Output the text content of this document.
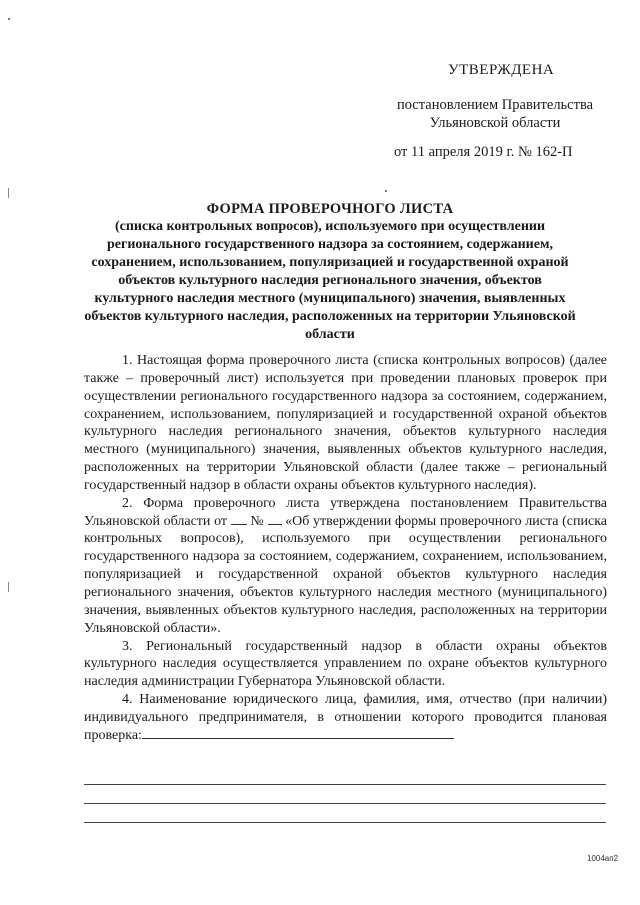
УТВЕРЖДЕНА
постановлением Правительства
Ульяновской области
от 11 апреля 2019 г. № 162-П
ФОРМА ПРОВЕРОЧНОГО ЛИСТА
(списка контрольных вопросов), используемого при осуществлении регионального государственного надзора за состоянием, содержанием, сохранением, использованием, популяризацией и государственной охраной объектов культурного наследия регионального значения, объектов культурного наследия местного (муниципального) значения, выявленных объектов культурного наследия, расположенных на территории Ульяновской области

1. Настоящая форма проверочного листа (списка контрольных вопросов) (далее также – проверочный лист) используется при проведении плановых проверок при осуществлении регионального государственного надзора за состоянием, содержанием, сохранением, использованием, популяризацией и государственной охраной объектов культурного наследия регионального значения, объектов культурного наследия местного (муниципального) значения, выявленных объектов культурного наследия, расположенных на территории Ульяновской области (далее также – региональный государственный надзор в области охраны объектов культурного наследия).

2. Форма проверочного листа утверждена постановлением Правительства Ульяновской области от  №  «Об утверждении формы проверочного листа (списка контрольных вопросов), используемого при осуществлении регионального государственного надзора за состоянием, содержанием, сохранением, использованием, популяризацией и государственной охраной объектов культурного наследия регионального значения, объектов культурного наследия местного (муниципального) значения, выявленных объектов культурного наследия, расположенных на территории Ульяновской области».

3. Региональный государственный надзор в области охраны объектов культурного наследия осуществляется управлением по охране объектов культурного наследия администрации Губернатора Ульяновской области.

4. Наименование юридического лица, фамилия, имя, отчество (при наличии) индивидуального предпринимателя, в отношении которого проводится плановая проверка:

1004ап2
